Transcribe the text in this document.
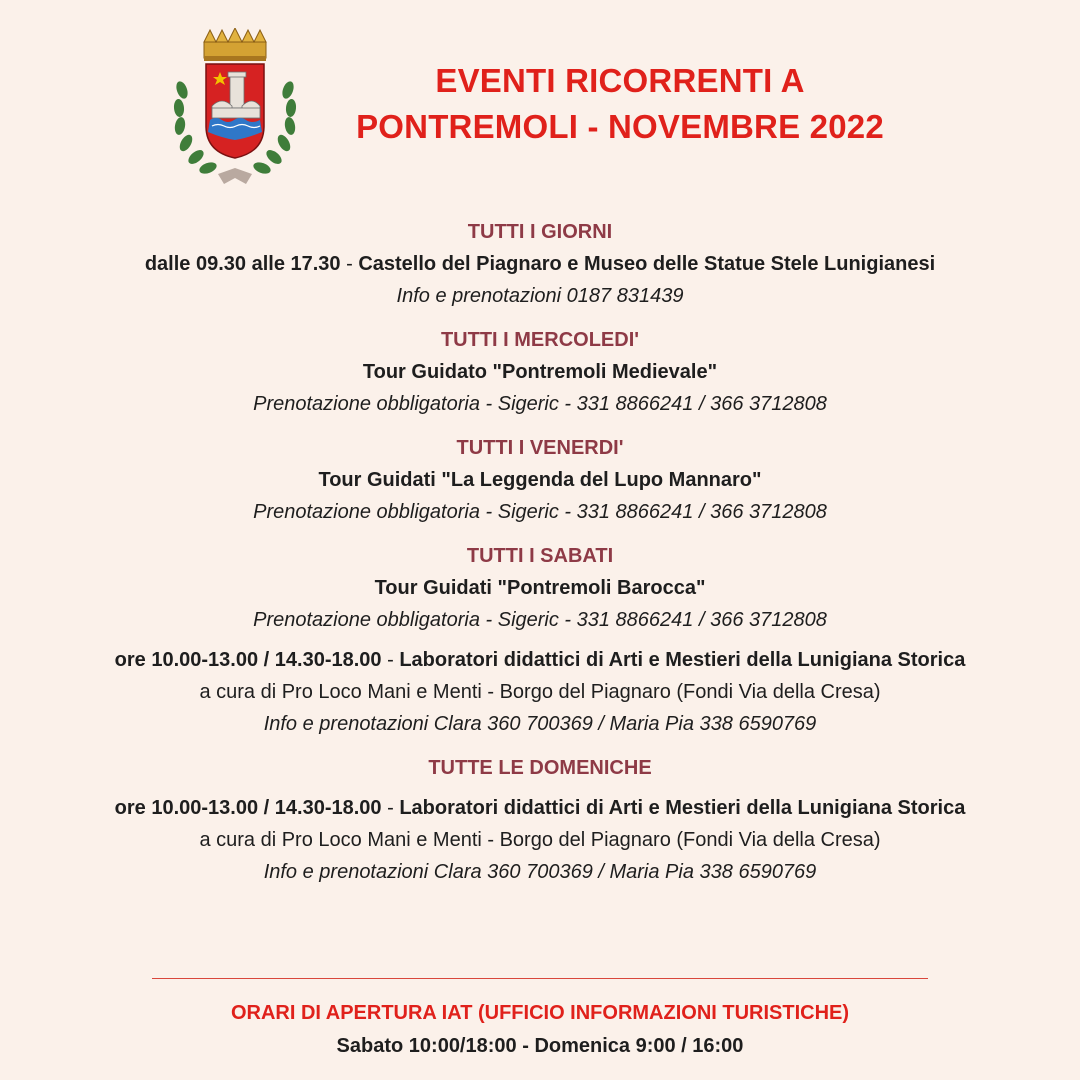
EVENTI RICORRENTI A
PONTREMOLI - NOVEMBRE 2022
TUTTI I GIORNI
dalle 09.30 alle 17.30 - Castello del Piagnaro e Museo delle Statue Stele Lunigianesi
Info e prenotazioni 0187 831439
TUTTI I MERCOLEDI'
Tour Guidato "Pontremoli Medievale"
Prenotazione obbligatoria - Sigeric - 331 8866241 / 366 3712808
TUTTI I VENERDI'
Tour Guidati "La Leggenda del Lupo Mannaro"
Prenotazione obbligatoria - Sigeric - 331 8866241 / 366 3712808
TUTTI I SABATI
Tour Guidati "Pontremoli Barocca"
Prenotazione obbligatoria - Sigeric - 331 8866241 / 366 3712808
ore 10.00-13.00 / 14.30-18.00 - Laboratori didattici di Arti e Mestieri della Lunigiana Storica
a cura di Pro Loco Mani e Menti - Borgo del Piagnaro (Fondi Via della Cresa)
Info e prenotazioni Clara 360 700369 / Maria Pia 338 6590769
TUTTE LE DOMENICHE
ore 10.00-13.00 / 14.30-18.00 - Laboratori didattici di Arti e Mestieri della Lunigiana Storica
a cura di Pro Loco Mani e Menti - Borgo del Piagnaro (Fondi Via della Cresa)
Info e prenotazioni Clara 360 700369 / Maria Pia 338 6590769
ORARI DI APERTURA IAT (UFFICIO INFORMAZIONI TURISTICHE)
Sabato 10:00/18:00 - Domenica 9:00 / 16:00
